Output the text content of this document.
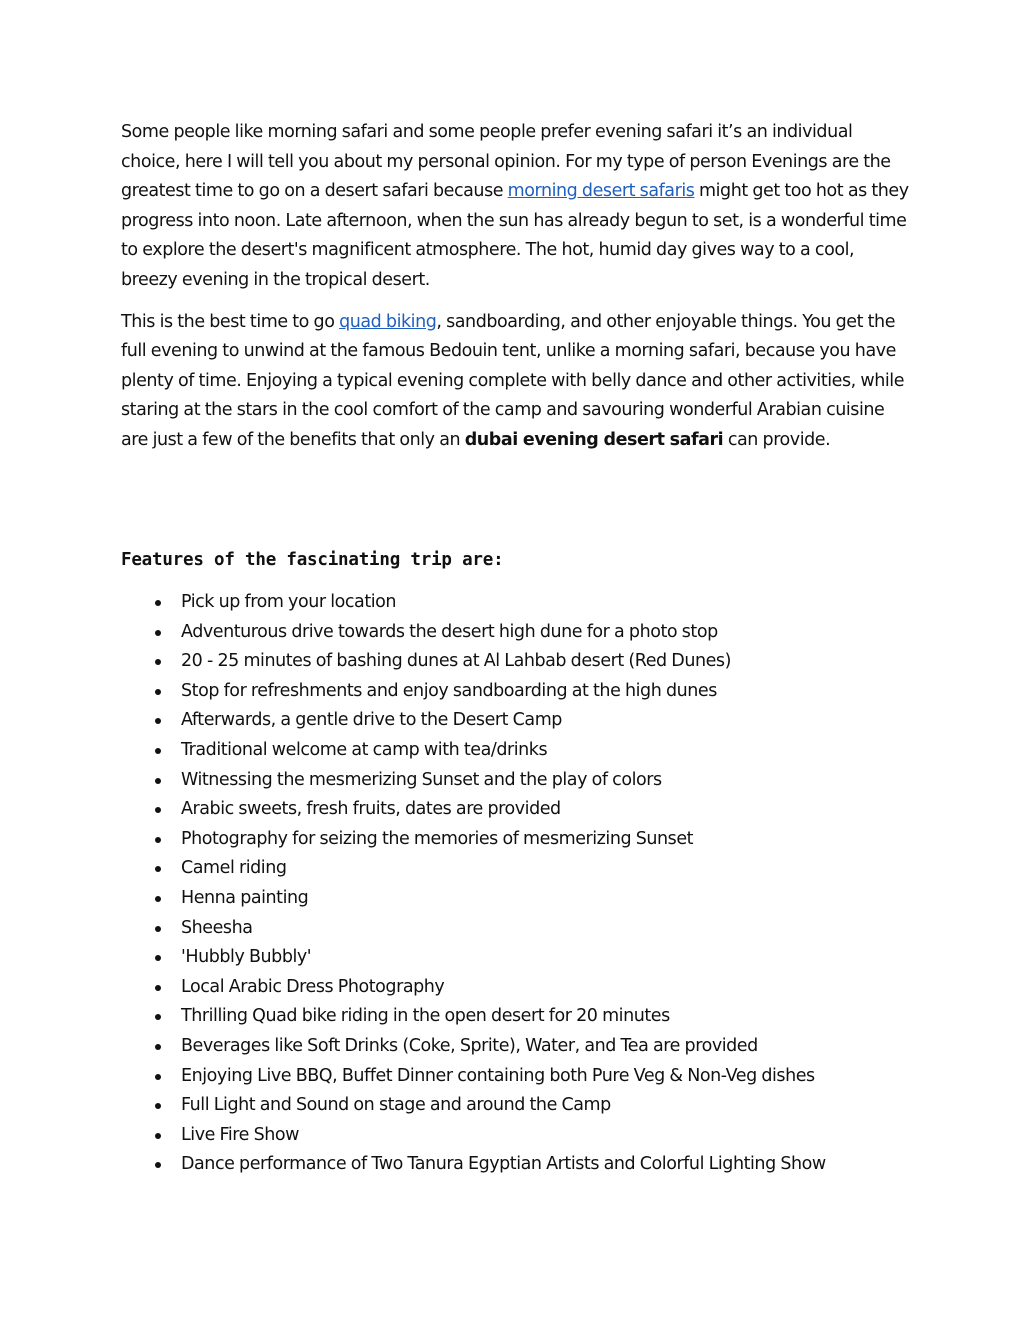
Some people like morning safari and some people prefer evening safari it’s an individual choice, here I will tell you about my personal opinion. For my type of person Evenings are the greatest time to go on a desert safari because morning desert safaris might get too hot as they progress into noon. Late afternoon, when the sun has already begun to set, is a wonderful time to explore the desert's magnificent atmosphere. The hot, humid day gives way to a cool, breezy evening in the tropical desert.

This is the best time to go quad biking, sandboarding, and other enjoyable things. You get the full evening to unwind at the famous Bedouin tent, unlike a morning safari, because you have plenty of time. Enjoying a typical evening complete with belly dance and other activities, while staring at the stars in the cool comfort of the camp and savouring wonderful Arabian cuisine are just a few of the benefits that only an dubai evening desert safari can provide.

Features of the fascinating trip are:
Pick up from your location
Adventurous drive towards the desert high dune for a photo stop
20 - 25 minutes of bashing dunes at Al Lahbab desert (Red Dunes)
Stop for refreshments and enjoy sandboarding at the high dunes
Afterwards, a gentle drive to the Desert Camp
Traditional welcome at camp with tea/drinks
Witnessing the mesmerizing Sunset and the play of colors
Arabic sweets, fresh fruits, dates are provided
Photography for seizing the memories of mesmerizing Sunset
Camel riding
Henna painting
Sheesha
'Hubbly Bubbly'
Local Arabic Dress Photography
Thrilling Quad bike riding in the open desert for 20 minutes
Beverages like Soft Drinks (Coke, Sprite), Water, and Tea are provided
Enjoying Live BBQ, Buffet Dinner containing both Pure Veg & Non-Veg dishes
Full Light and Sound on stage and around the Camp
Live Fire Show
Dance performance of Two Tanura Egyptian Artists and Colorful Lighting Show
